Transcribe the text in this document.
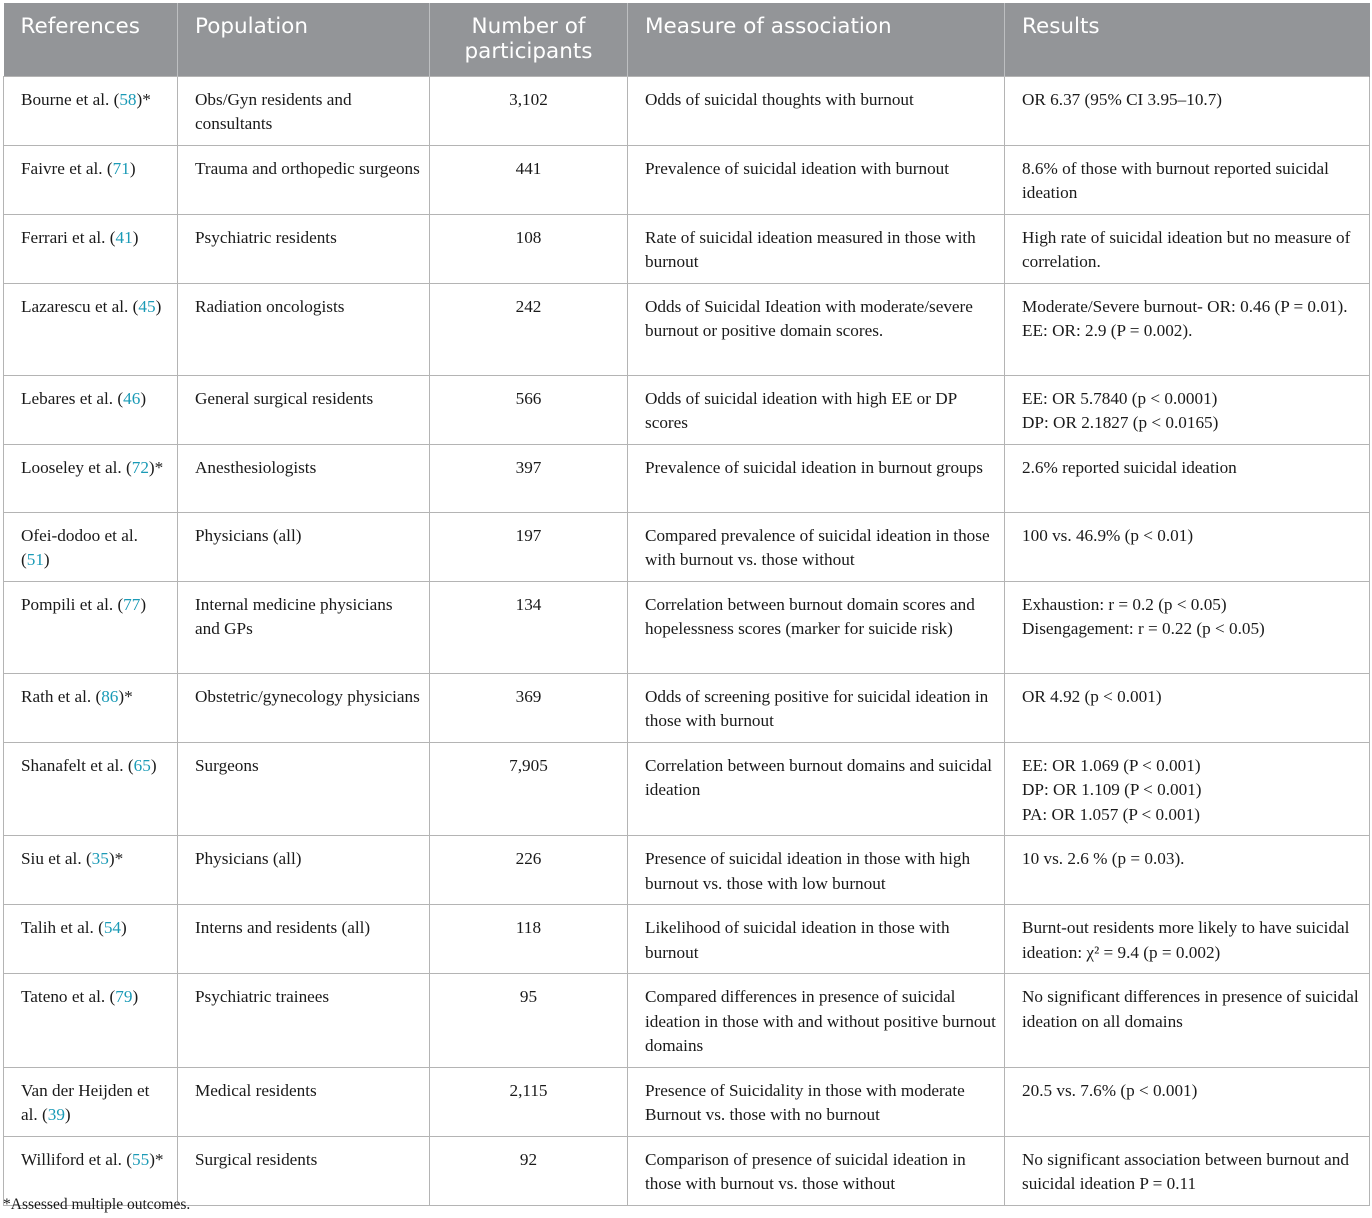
References	Population	Number of participants	Measure of association	Results
Bourne et al. (58)*	Obs/Gyn residents and consultants	3,102	Odds of suicidal thoughts with burnout	OR 6.37 (95% CI 3.95–10.7)

Faivre et al. (71)	Trauma and orthopedic surgeons	441	Prevalence of suicidal ideation with burnout	8.6% of those with burnout reported suicidal ideation

Ferrari et al. (41)	Psychiatric residents	108	Rate of suicidal ideation measured in those with burnout	High rate of suicidal ideation but no measure of correlation.

Lazarescu et al. (45)	Radiation oncologists	242	Odds of Suicidal Ideation with moderate/severe burnout or positive domain scores.	Moderate/Severe burnout- OR: 0.46 (P = 0.01).
EE: OR: 2.9 (P = 0.002).

Lebares et al. (46)	General surgical residents	566	Odds of suicidal ideation with high EE or DP scores	EE: OR 5.7840 (p < 0.0001)
DP: OR 2.1827 (p < 0.0165)

Looseley et al. (72)*	Anesthesiologists	397	Prevalence of suicidal ideation in burnout groups	2.6% reported suicidal ideation

Ofei-dodoo et al. (51)	Physicians (all)	197	Compared prevalence of suicidal ideation in those with burnout vs. those without	100 vs. 46.9% (p < 0.01)

Pompili et al. (77)	Internal medicine physicians and GPs	134	Correlation between burnout domain scores and hopelessness scores (marker for suicide risk)	Exhaustion: r = 0.2 (p < 0.05)
Disengagement: r = 0.22 (p < 0.05)

Rath et al. (86)*	Obstetric/gynecology physicians	369	Odds of screening positive for suicidal ideation in those with burnout	OR 4.92 (p < 0.001)

Shanafelt et al. (65)	Surgeons	7,905	Correlation between burnout domains and suicidal ideation	EE: OR 1.069 (P < 0.001)
DP: OR 1.109 (P < 0.001)
PA: OR 1.057 (P < 0.001)

Siu et al. (35)*	Physicians (all)	226	Presence of suicidal ideation in those with high burnout vs. those with low burnout	10 vs. 2.6 % (p = 0.03).

Talih et al. (54)	Interns and residents (all)	118	Likelihood of suicidal ideation in those with burnout	Burnt-out residents more likely to have suicidal ideation: χ² = 9.4 (p = 0.002)

Tateno et al. (79)	Psychiatric trainees	95	Compared differences in presence of suicidal ideation in those with and without positive burnout domains	No significant differences in presence of suicidal ideation on all domains

Van der Heijden et al. (39)	Medical residents	2,115	Presence of Suicidality in those with moderate Burnout vs. those with no burnout	20.5 vs. 7.6% (p < 0.001)

Williford et al. (55)*	Surgical residents	92	Comparison of presence of suicidal ideation in those with burnout vs. those without	No significant association between burnout and suicidal ideation P = 0.11
*Assessed multiple outcomes.
